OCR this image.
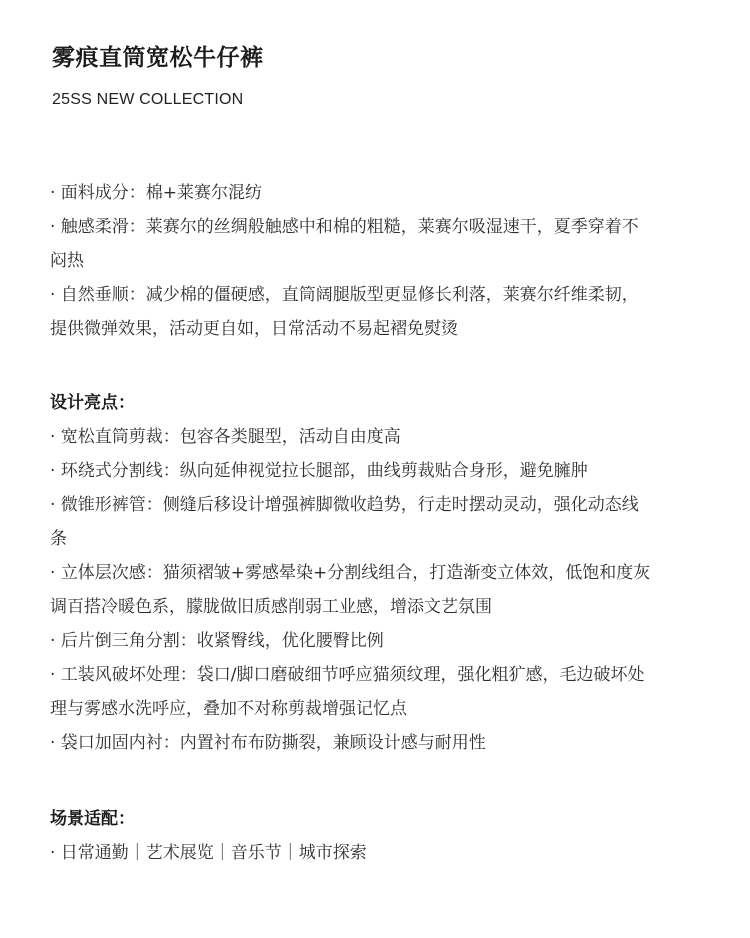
雾痕直筒宽松牛仔裤

25SS NEW COLLECTION

· 面料成分：棉+莱赛尔混纺

· 触感柔滑：莱赛尔的丝绸般触感中和棉的粗糙，莱赛尔吸湿速干，夏季穿着不

闷热

· 自然垂顺：减少棉的僵硬感，直筒阔腿版型更显修长利落，莱赛尔纤维柔韧，

提供微弹效果，活动更自如，日常活动不易起褶免熨烫

设计亮点：

· 宽松直筒剪裁：包容各类腿型，活动自由度高

· 环绕式分割线：纵向延伸视觉拉长腿部，曲线剪裁贴合身形，避免臃肿

· 微锥形裤管：侧缝后移设计增强裤脚微收趋势，行走时摆动灵动，强化动态线

条

· 立体层次感：猫须褶皱+雾感晕染+分割线组合，打造渐变立体效，低饱和度灰

调百搭冷暖色系，朦胧做旧质感削弱工业感，增添文艺氛围

· 后片倒三角分割：收紧臀线，优化腰臀比例

· 工装风破坏处理：袋口/脚口磨破细节呼应猫须纹理，强化粗犷感，毛边破坏处

理与雾感水洗呼应，叠加不对称剪裁增强记忆点

· 袋口加固内衬：内置衬布布防撕裂，兼顾设计感与耐用性

场景适配：

· 日常通勤｜艺术展览｜音乐节｜城市探索
